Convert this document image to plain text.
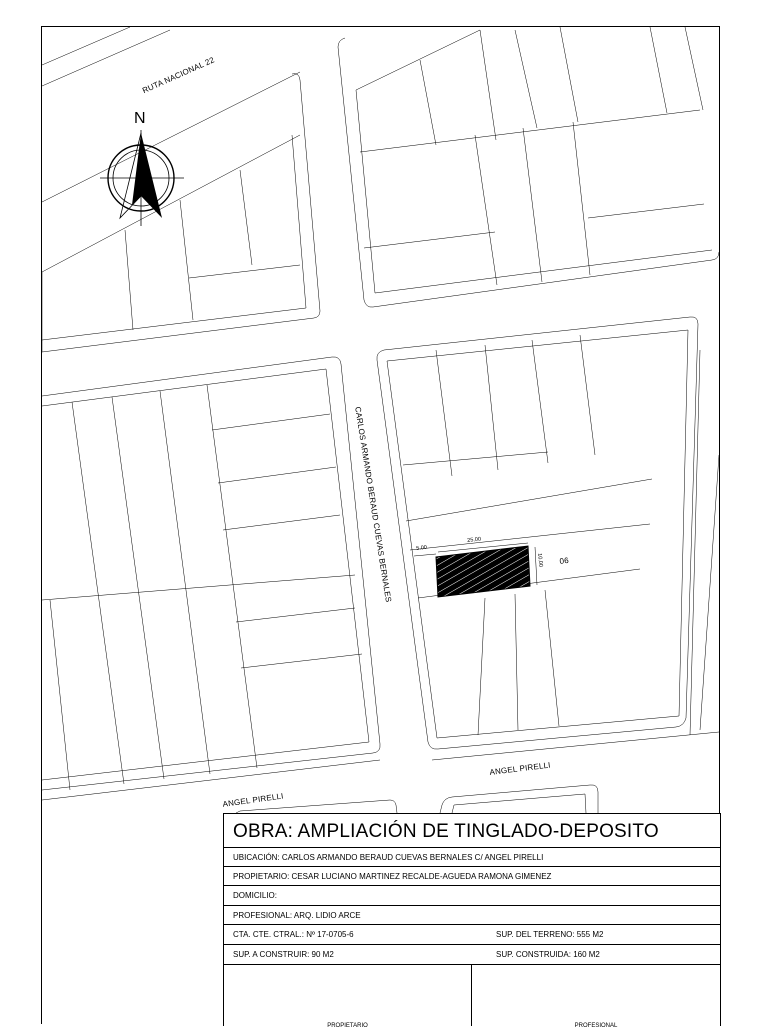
RUTA NACIONAL 22
CARLOS ARMANDO BERAUD CUEVAS BERNALES
ANGEL PIRELLI
ANGEL PIRELLI
N
5.00
25.00
10.00 06
OBRA: AMPLIACIÓN DE TINGLADO-DEPOSITO
UBICACIÓN: CARLOS ARMANDO BERAUD CUEVAS BERNALES C/ ANGEL PIRELLI
PROPIETARIO: CESAR LUCIANO MARTINEZ RECALDE-AGUEDA RAMONA GIMENEZ
DOMICILIO:
PROFESIONAL: ARQ. LIDIO ARCE
CTA. CTE. CTRAL.: Nº 17-0705-6	SUP. DEL TERRENO: 555 M2
SUP. A CONSTRUIR: 90 M2	SUP. CONSTRUIDA: 160 M2
PROPIETARIO	PROFESIONAL
